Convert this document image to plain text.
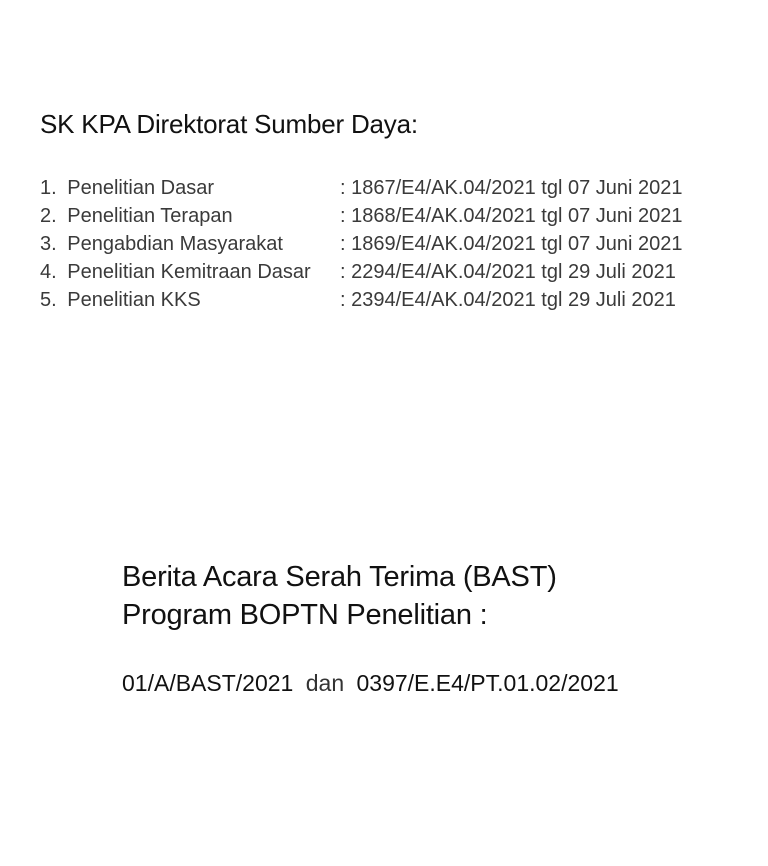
SK KPA Direktorat Sumber Daya:
1. Penelitian Dasar	: 1867/E4/AK.04/2021 tgl 07 Juni 2021
2. Penelitian Terapan	: 1868/E4/AK.04/2021 tgl 07 Juni 2021
3. Pengabdian Masyarakat	: 1869/E4/AK.04/2021 tgl 07 Juni 2021
4. Penelitian Kemitraan Dasar : 2294/E4/AK.04/2021 tgl 29 Juli 2021
5. Penelitian KKS	: 2394/E4/AK.04/2021 tgl 29 Juli 2021
Berita Acara Serah Terima (BAST)
Program BOPTN Penelitian :
01/A/BAST/2021 dan 0397/E.E4/PT.01.02/2021
